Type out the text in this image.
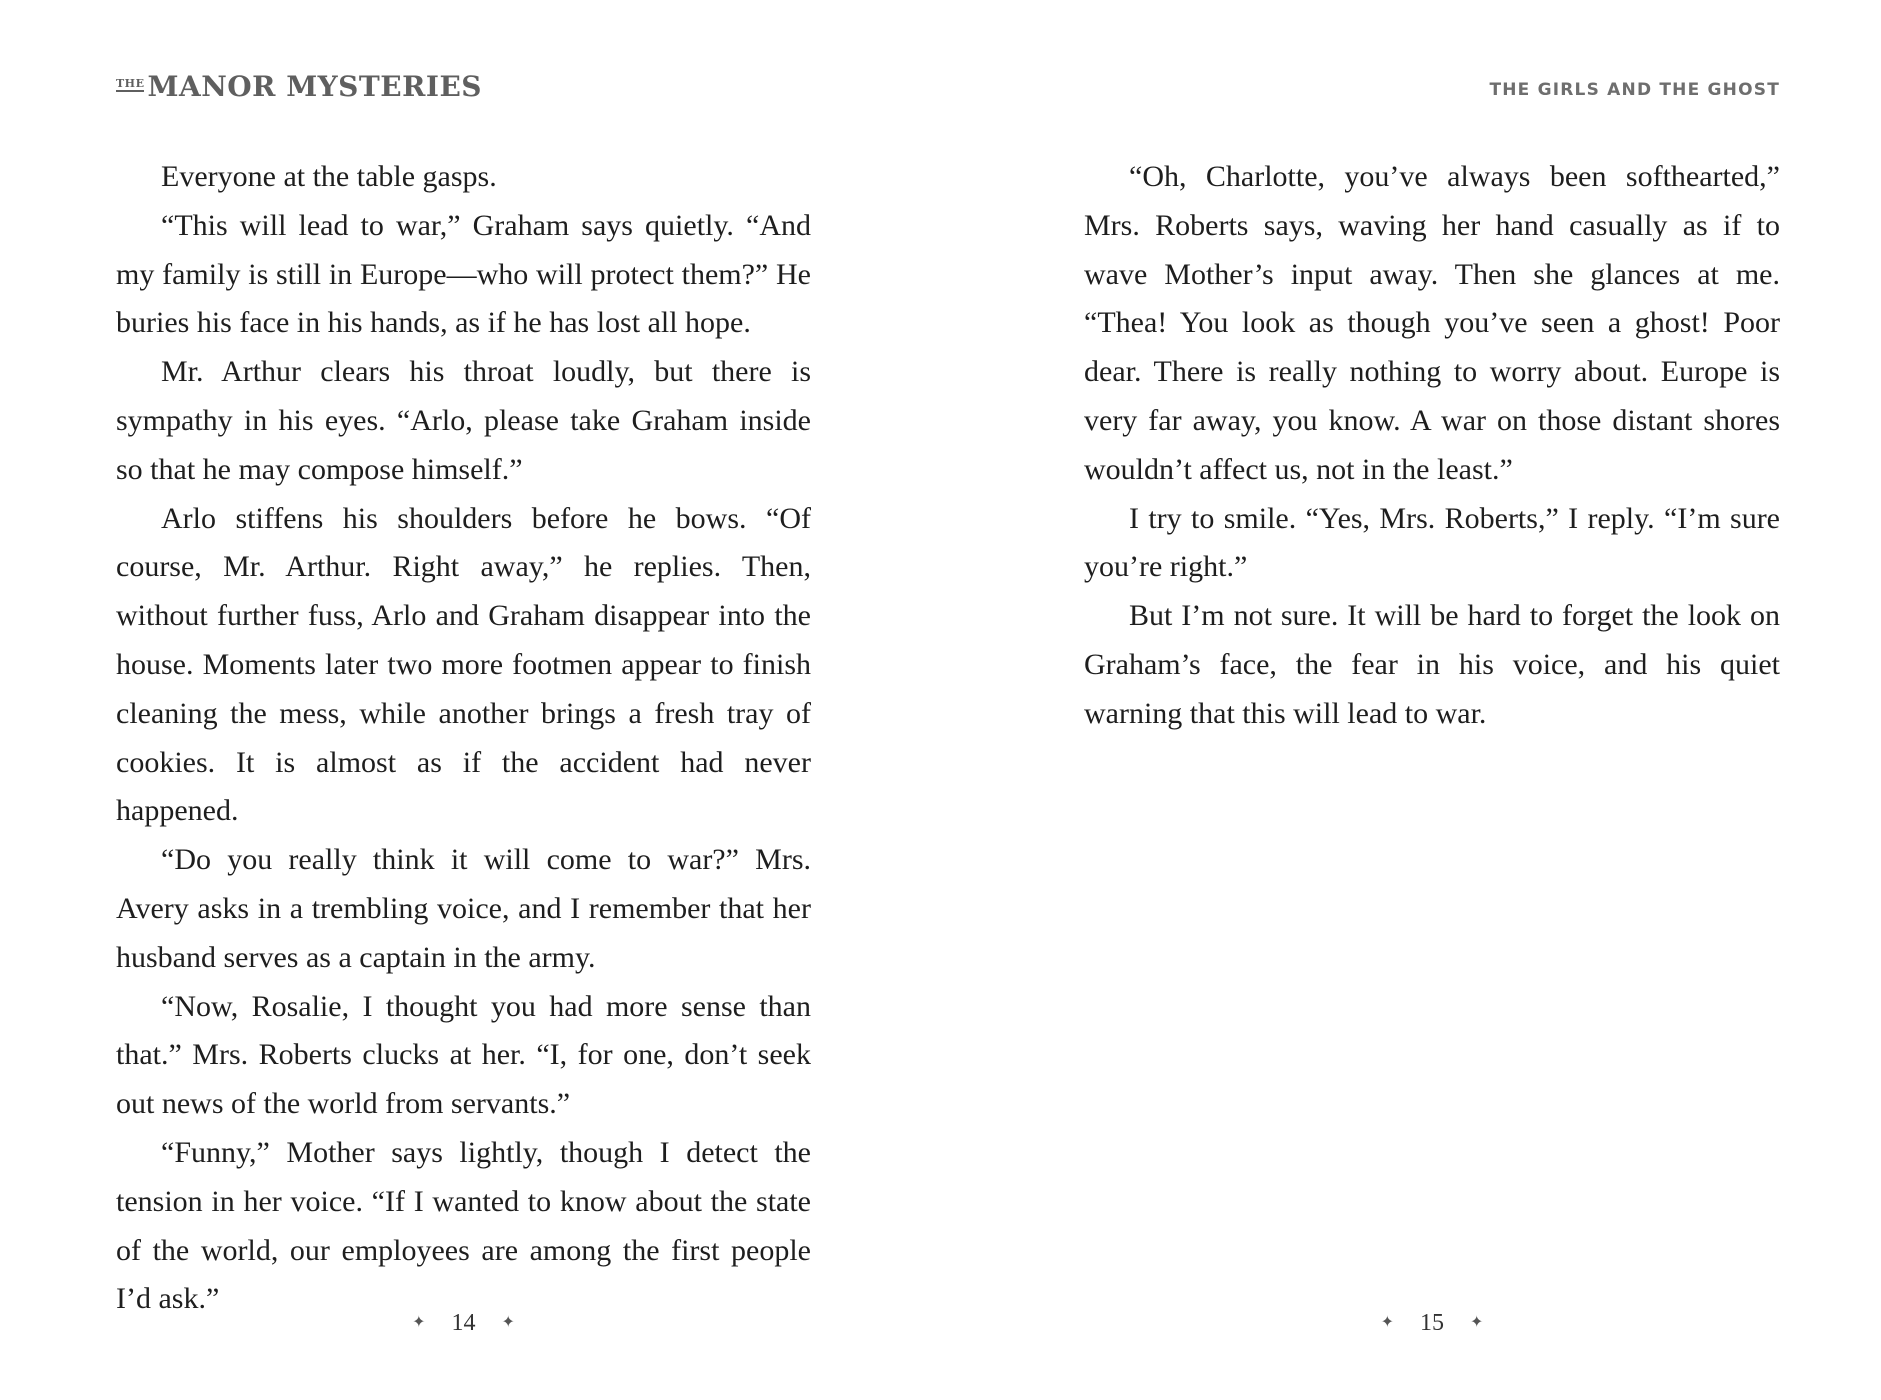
THE MANOR MYSTERIES

Everyone at the table gasps.

“This will lead to war,” Graham says quietly. “And my family is still in Europe—who will protect them?” He buries his face in his hands, as if he has lost all hope.

Mr. Arthur clears his throat loudly, but there is sympathy in his eyes. “Arlo, please take Graham inside so that he may compose himself.”

Arlo stiffens his shoulders before he bows. “Of course, Mr. Arthur. Right away,” he replies. Then, without further fuss, Arlo and Graham disappear into the house. Moments later two more footmen appear to finish cleaning the mess, while another brings a fresh tray of cookies. It is almost as if the accident had never happened.

“Do you really think it will come to war?” Mrs. Avery asks in a trembling voice, and I remember that her husband serves as a captain in the army.

“Now, Rosalie, I thought you had more sense than that.” Mrs. Roberts clucks at her. “I, for one, don’t seek out news of the world from servants.”

“Funny,” Mother says lightly, though I detect the tension in her voice. “If I wanted to know about the state of the world, our employees are among the first people I’d ask.”

✦ 14 ✦
THE GIRLS AND THE GHOST

“Oh, Charlotte, you’ve always been softhearted,” Mrs. Roberts says, waving her hand casually as if to wave Mother’s input away. Then she glances at me. “Thea! You look as though you’ve seen a ghost! Poor dear. There is really nothing to worry about. Europe is very far away, you know. A war on those distant shores wouldn’t affect us, not in the least.”

I try to smile. “Yes, Mrs. Roberts,” I reply. “I’m sure you’re right.”

But I’m not sure. It will be hard to forget the look on Graham’s face, the fear in his voice, and his quiet warning that this will lead to war.

✦ 15 ✦
